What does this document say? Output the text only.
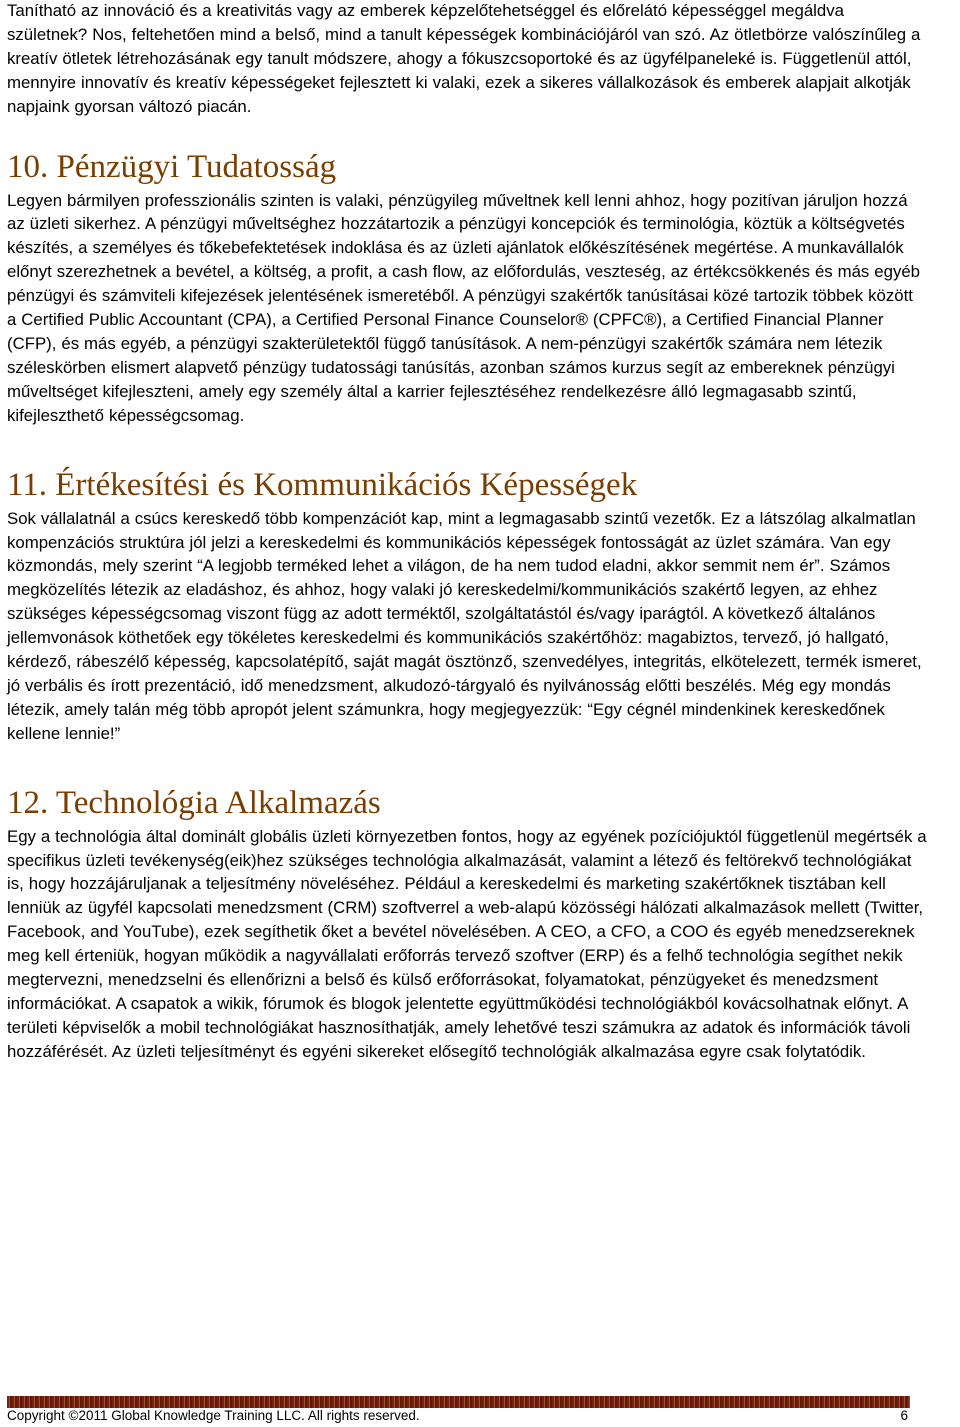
Tanítható az innováció és a kreativitás vagy az emberek képzelőtehetséggel és előrelátó képességgel megáldva születnek? Nos, feltehetően mind a belső, mind a tanult képességek kombinációjáról van szó. Az ötletbörze valószínűleg a kreatív ötletek létrehozásának egy tanult módszere, ahogy a fókuszcsoportoké és az ügyfélpaneleké is. Függetlenül attól, mennyire innovatív és kreatív képességeket fejlesztett ki valaki, ezek a sikeres vállalkozások és emberek alapjait alkotják napjaink gyorsan változó piacán.

10. Pénzügyi Tudatosság

Legyen bármilyen professzionális szinten is valaki, pénzügyileg műveltnek kell lenni ahhoz, hogy pozitívan járuljon hozzá az üzleti sikerhez. A pénzügyi műveltséghez hozzátartozik a pénzügyi koncepciók és terminológia, köztük a költségvetés készítés, a személyes és tőkebefektetések indoklása és az üzleti ajánlatok előkészítésének megértése. A munkavállalók előnyt szerezhetnek a bevétel, a költség, a profit, a cash flow, az előfordulás, veszteség, az értékcsökkenés és más egyéb pénzügyi és számviteli kifejezések jelentésének ismeretéből. A pénzügyi szakértők tanúsításai közé tartozik többek között a Certified Public Accountant (CPA), a Certified Personal Finance Counselor® (CPFC®), a Certified Financial Planner (CFP), és más egyéb, a pénzügyi szakterületektől függő tanúsítások. A nem-pénzügyi szakértők számára nem létezik széleskörben elismert alapvető pénzügy tudatossági tanúsítás, azonban számos kurzus segít az embereknek pénzügyi műveltséget kifejleszteni, amely egy személy által a karrier fejlesztéséhez rendelkezésre álló legmagasabb szintű, kifejleszthető képességcsomag.

11. Értékesítési és Kommunikációs Képességek

Sok vállalatnál a csúcs kereskedő több kompenzációt kap, mint a legmagasabb szintű vezetők. Ez a látszólag alkalmatlan kompenzációs struktúra jól jelzi a kereskedelmi és kommunikációs képességek fontosságát az üzlet számára. Van egy közmondás, mely szerint “A legjobb terméked lehet a világon, de ha nem tudod eladni, akkor semmit nem ér”. Számos megközelítés létezik az eladáshoz, és ahhoz, hogy valaki jó kereskedelmi/kommunikációs szakértő legyen, az ehhez szükséges képességcsomag viszont függ az adott terméktől, szolgáltatástól és/vagy iparágtól. A következő általános jellemvonások köthetőek egy tökéletes kereskedelmi és kommunikációs szakértőhöz: magabiztos, tervező, jó hallgató, kérdező, rábeszélő képesség, kapcsolatépítő, saját magát ösztönző, szenvedélyes, integritás, elkötelezett, termék ismeret, jó verbális és írott prezentáció, idő menedzsment, alkudozó-tárgyaló és nyilvánosság előtti beszélés. Még egy mondás létezik, amely talán még több apropót jelent számunkra, hogy megjegyezzük: “Egy cégnél mindenkinek kereskedőnek kellene lennie!”

12. Technológia Alkalmazás

Egy a technológia által dominált globális üzleti környezetben fontos, hogy az egyének pozíciójuktól függetlenül megértsék a specifikus üzleti tevékenység(eik)hez szükséges technológia alkalmazását, valamint a létező és feltörekvő technológiákat is, hogy hozzájáruljanak a teljesítmény növeléséhez. Például a kereskedelmi és marketing szakértőknek tisztában kell lenniük az ügyfél kapcsolati menedzsment (CRM) szoftverrel a web-alapú közösségi hálózati alkalmazások mellett (Twitter, Facebook, and YouTube), ezek segíthetik őket a bevétel növelésében. A CEO, a CFO, a COO és egyéb menedzsereknek meg kell érteniük, hogyan működik a nagyvállalati erőforrás tervező szoftver (ERP) és a felhő technológia segíthet nekik megtervezni, menedzselni és ellenőrizni a belső és külső erőforrásokat, folyamatokat, pénzügyeket és menedzsment információkat. A csapatok a wikik, fórumok és blogok jelentette együttműködési technológiákból kovácsolhatnak előnyt. A területi képviselők a mobil technológiákat hasznosíthatják, amely lehetővé teszi számukra az adatok és információk távoli hozzáférését. Az üzleti teljesítményt és egyéni sikereket elősegítő technológiák alkalmazása egyre csak folytatódik.

Copyright ©2011 Global Knowledge Training LLC. All rights reserved.	6
